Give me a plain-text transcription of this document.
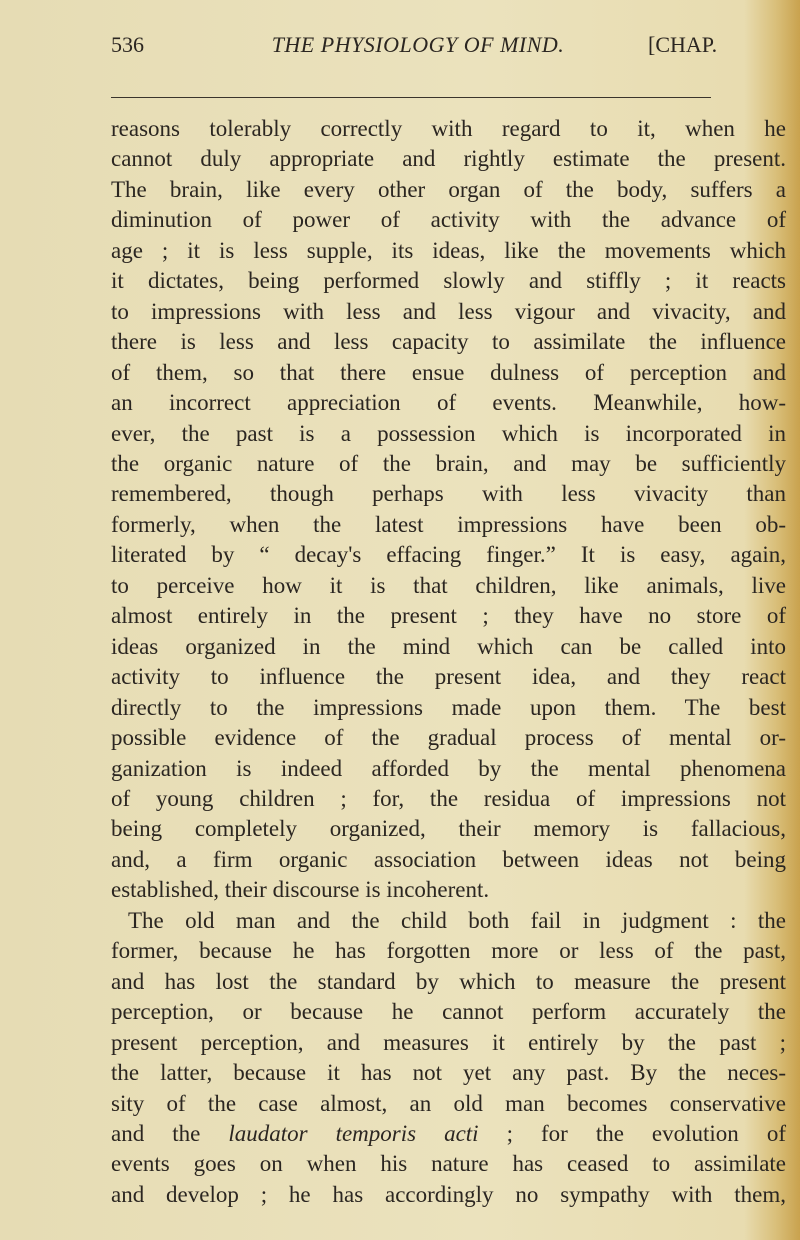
536	THE PHYSIOLOGY OF MIND.	[CHAP.
reasons tolerably correctly with regard to it, when he
cannot duly appropriate and rightly estimate the present.
The brain, like every other organ of the body, suffers a
diminution of power of activity with the advance of
age ; it is less supple, its ideas, like the movements which
it dictates, being performed slowly and stiffly ; it reacts
to impressions with less and less vigour and vivacity, and
there is less and less capacity to assimilate the influence
of them, so that there ensue dulness of perception and
an incorrect appreciation of events. Meanwhile, how-
ever, the past is a possession which is incorporated in
the organic nature of the brain, and may be sufficiently
remembered, though perhaps with less vivacity than
formerly, when the latest impressions have been ob-
literated by “ decay's effacing finger.” It is easy, again,
to perceive how it is that children, like animals, live
almost entirely in the present ; they have no store of
ideas organized in the mind which can be called into
activity to influence the present idea, and they react
directly to the impressions made upon them. The best
possible evidence of the gradual process of mental or-
ganization is indeed afforded by the mental phenomena
of young children ; for, the residua of impressions not
being completely organized, their memory is fallacious,
and, a firm organic association between ideas not being
established, their discourse is incoherent.
The old man and the child both fail in judgment : the
former, because he has forgotten more or less of the past,
and has lost the standard by which to measure the present
perception, or because he cannot perform accurately the
present perception, and measures it entirely by the past ;
the latter, because it has not yet any past. By the neces-
sity of the case almost, an old man becomes conservative
and the laudator temporis acti ; for the evolution of
events goes on when his nature has ceased to assimilate
and develop ; he has accordingly no sympathy with them,
